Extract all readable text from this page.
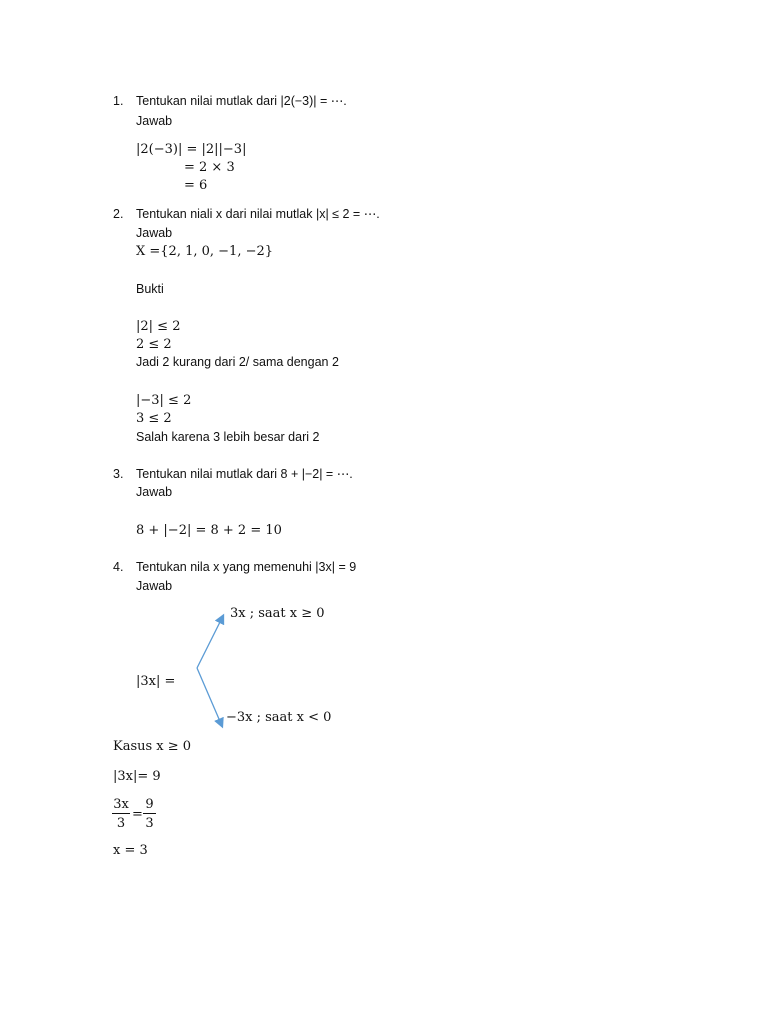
1. Tentukan nilai mutlak dari |2(−3)| = ⋯.
Jawab
|2(−3)| = |2||−3|
= 2 × 3
= 6
2. Tentukan niali x dari nilai mutlak |x| ≤ 2 = ⋯.
Jawab
X ={2, 1, 0, −1, −2}
Bukti
|2| ≤ 2
2 ≤ 2
Jadi 2 kurang dari 2/ sama dengan 2
|−3| ≤ 2
3 ≤ 2
Salah karena 3 lebih besar dari 2
3. Tentukan nilai mutlak dari 8 + |−2| = ⋯.
Jawab
8 + |−2| = 8 + 2 = 10
4. Tentukan nila x yang memenuhi |3x| = 9
Jawab
3x ; saat x ≥ 0
|3x| =
−3x ; saat x < 0
Kasus x ≥ 0
|3x|= 9
3x
3
=
9
3
x = 3
